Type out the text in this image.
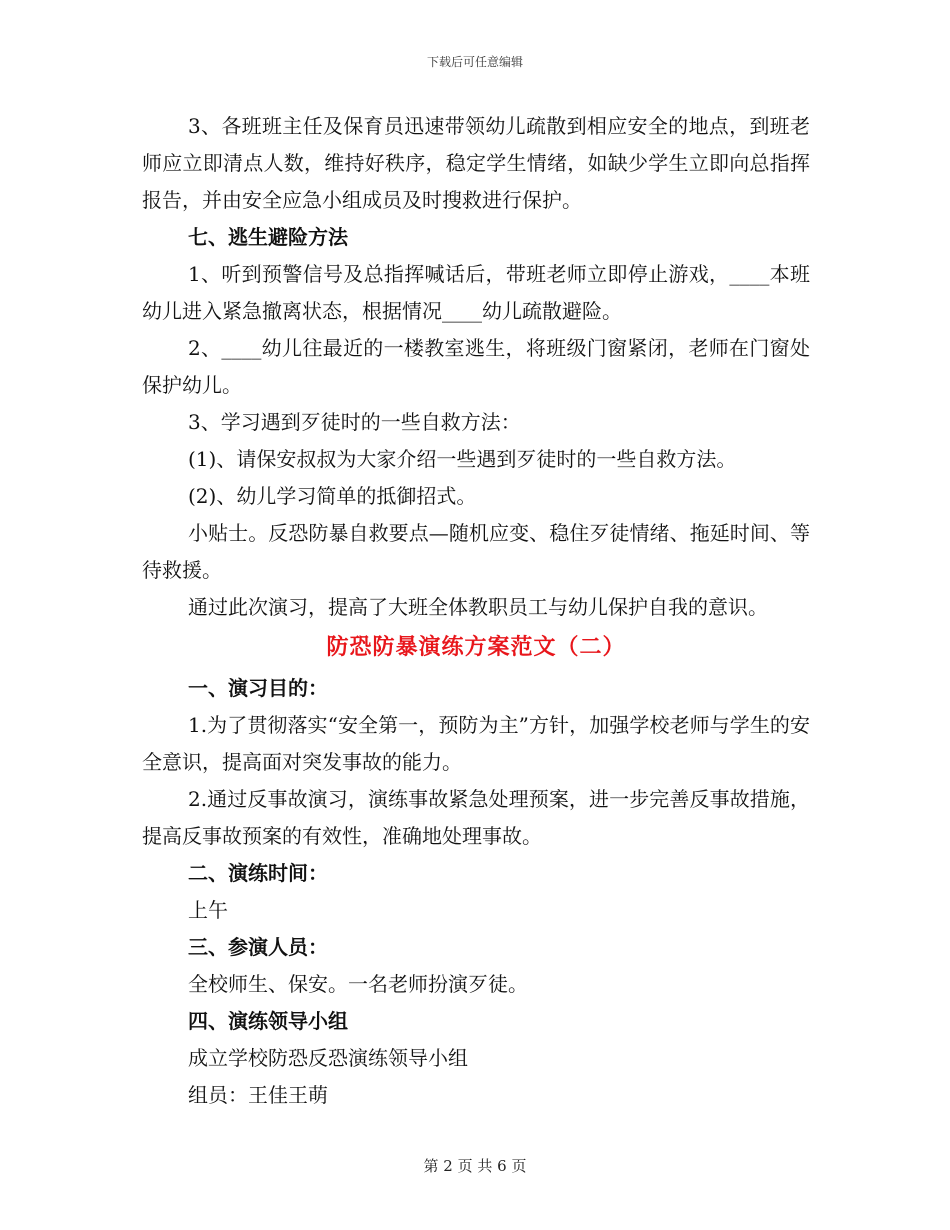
下载后可任意编辑

3、各班班主任及保育员迅速带领幼儿疏散到相应安全的地点，到班老师应立即清点人数，维持好秩序，稳定学生情绪，如缺少学生立即向总指挥报告，并由安全应急小组成员及时搜救进行保护。

七、逃生避险方法

1、听到预警信号及总指挥喊话后，带班老师立即停止游戏，____本班幼儿进入紧急撤离状态，根据情况____幼儿疏散避险。

2、____幼儿往最近的一楼教室逃生，将班级门窗紧闭，老师在门窗处保护幼儿。

3、学习遇到歹徒时的一些自救方法：

(1)、请保安叔叔为大家介绍一些遇到歹徒时的一些自救方法。

(2)、幼儿学习简单的抵御招式。

小贴士。反恐防暴自救要点—随机应变、稳住歹徒情绪、拖延时间、等待救援。

通过此次演习，提高了大班全体教职员工与幼儿保护自我的意识。

防恐防暴演练方案范文（二）

一、演习目的：

1.为了贯彻落实“安全第一，预防为主”方针，加强学校老师与学生的安全意识，提高面对突发事故的能力。

2.通过反事故演习，演练事故紧急处理预案，进一步完善反事故措施，提高反事故预案的有效性，准确地处理事故。

二、演练时间：

上午

三、参演人员：

全校师生、保安。一名老师扮演歹徒。

四、演练领导小组

成立学校防恐反恐演练领导小组

组员：王佳王萌

第 2 页 共 6 页
